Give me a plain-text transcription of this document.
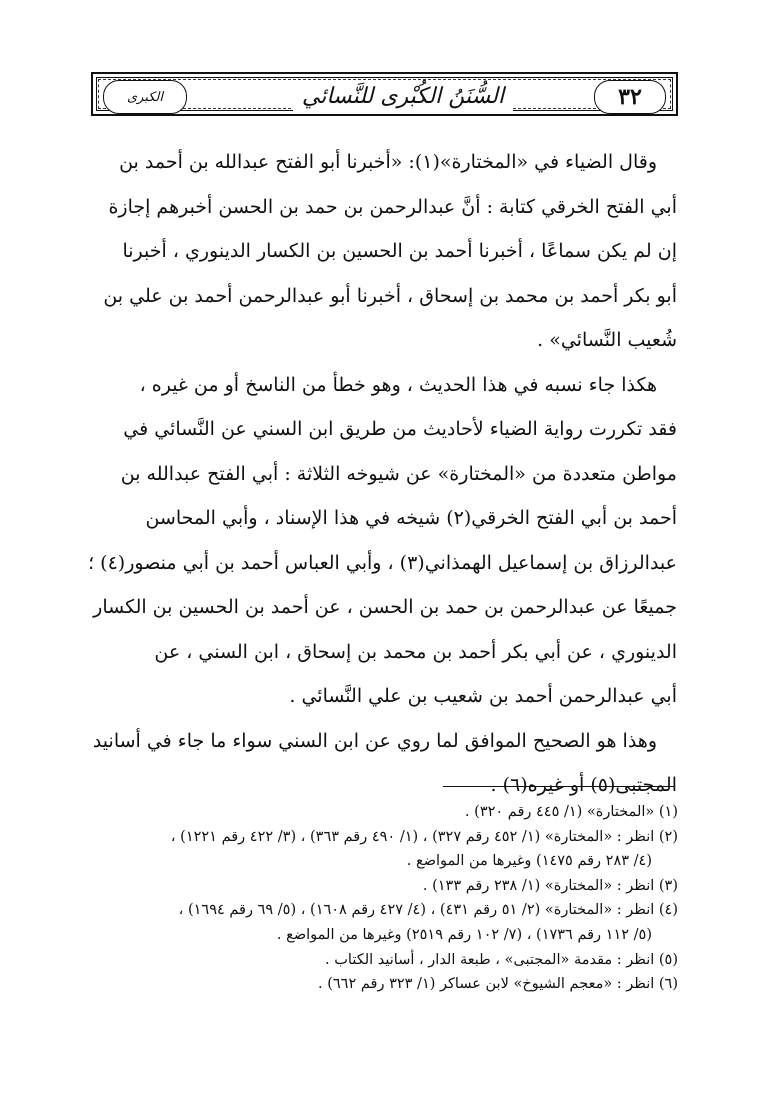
الكبرى	السُّنَنُ الكُبْرى للنَّسائي	٣٢

وقال الضياء في «المختارة»(١): «أخبرنا أبو الفتح عبدالله بن أحمد بن
أبي الفتح الخرقي كتابة : أنَّ عبدالرحمن بن حمد بن الحسن أخبرهم إجازة
إن لم يكن سماعًا ، أخبرنا أحمد بن الحسين بن الكسار الدينوري ، أخبرنا
أبو بكر أحمد بن محمد بن إسحاق ، أخبرنا أبو عبدالرحمن أحمد بن علي بن
شُعيب النَّسائي» .

هكذا جاء نسبه في هذا الحديث ، وهو خطأ من الناسخ أو من غيره ،
فقد تكررت رواية الضياء لأحاديث من طريق ابن السني عن النَّسائي في
مواطن متعددة من «المختارة» عن شيوخه الثلاثة : أبي الفتح عبدالله بن
أحمد بن أبي الفتح الخرقي(٢) شيخه في هذا الإسناد ، وأبي المحاسن
عبدالرزاق بن إسماعيل الهمذاني(٣) ، وأبي العباس أحمد بن أبي منصور(٤) ؛
جميعًا عن عبدالرحمن بن حمد بن الحسن ، عن أحمد بن الحسين بن الكسار
الدينوري ، عن أبي بكر أحمد بن محمد بن إسحاق ، ابن السني ، عن
أبي عبدالرحمن أحمد بن شعيب بن علي النَّسائي .

وهذا هو الصحيح الموافق لما روي عن ابن السني سواء ما جاء في أسانيد
المجتبى(٥) أو غيره(٦) .

(١) «المختارة» (١/ ٤٤٥ رقم ٣٢٠) .

(٢) انظر : «المختارة» (١/ ٤٥٢ رقم ٣٢٧) ، (١/ ٤٩٠ رقم ٣٦٣) ، (٣/ ٤٢٢ رقم ١٢٢١) ،

(٤/ ٢٨٣ رقم ١٤٧٥) وغيرها من المواضع .

(٣) انظر : «المختارة» (١/ ٢٣٨ رقم ١٣٣) .

(٤) انظر : «المختارة» (٢/ ٥١ رقم ٤٣١) ، (٤/ ٤٢٧ رقم ١٦٠٨) ، (٥/ ٦٩ رقم ١٦٩٤) ،

(٥/ ١١٢ رقم ١٧٣٦) ، (٧/ ١٠٢ رقم ٢٥١٩) وغيرها من المواضع .

(٥) انظر : مقدمة «المجتبى» ، طبعة الدار ، أسانيد الكتاب .

(٦) انظر : «معجم الشيوخ» لابن عساكر (١/ ٣٢٣ رقم ٦٦٢) .
